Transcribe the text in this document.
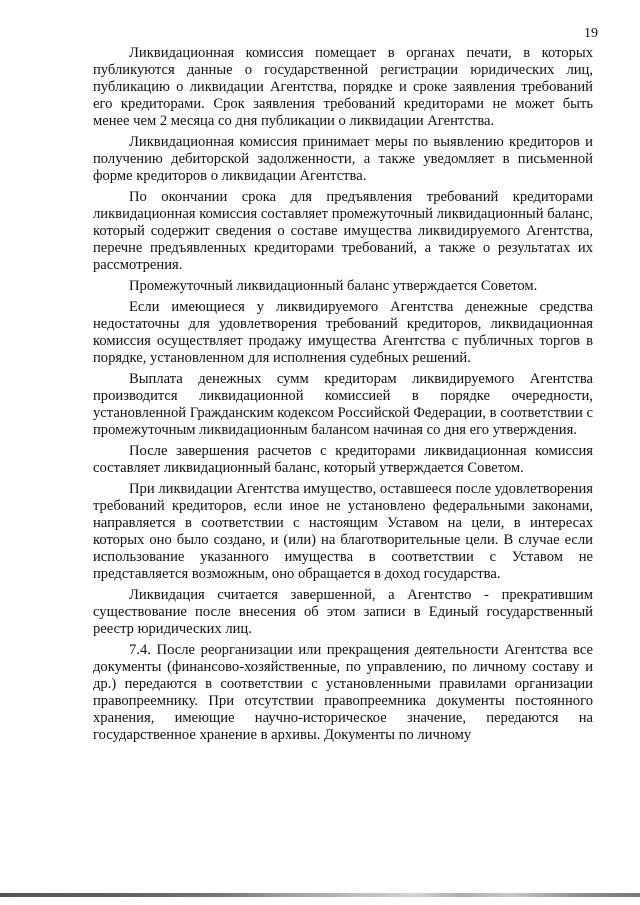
19

Ликвидационная комиссия помещает в органах печати, в которых публикуются данные о государственной регистрации юридических лиц, публикацию о ликвидации Агентства, порядке и сроке заявления требований его кредиторами. Срок заявления требований кредиторами не может быть менее чем 2 месяца со дня публикации о ликвидации Агентства.

Ликвидационная комиссия принимает меры по выявлению кредиторов и получению дебиторской задолженности, а также уведомляет в письменной форме кредиторов о ликвидации Агентства.

По окончании срока для предъявления требований кредиторами ликвидационная комиссия составляет промежуточный ликвидационный баланс, который содержит сведения о составе имущества ликвидируемого Агентства, перечне предъявленных кредиторами требований, а также о результатах их рассмотрения.

Промежуточный ликвидационный баланс утверждается Советом.

Если имеющиеся у ликвидируемого Агентства денежные средства недостаточны для удовлетворения требований кредиторов, ликвидационная комиссия осуществляет продажу имущества Агентства с публичных торгов в порядке, установленном для исполнения судебных решений.

Выплата денежных сумм кредиторам ликвидируемого Агентства производится ликвидационной комиссией в порядке очередности, установленной Гражданским кодексом Российской Федерации, в соответствии с промежуточным ликвидационным балансом начиная со дня его утверждения.

После завершения расчетов с кредиторами ликвидационная комиссия составляет ликвидационный баланс, который утверждается Советом.

При ликвидации Агентства имущество, оставшееся после удовлетворения требований кредиторов, если иное не установлено федеральными законами, направляется в соответствии с настоящим Уставом на цели, в интересах которых оно было создано, и (или) на благотворительные цели. В случае если использование указанного имущества в соответствии с Уставом не представляется возможным, оно обращается в доход государства.

Ликвидация считается завершенной, а Агентство - прекратившим существование после внесения об этом записи в Единый государственный реестр юридических лиц.

7.4. После реорганизации или прекращения деятельности Агентства все документы (финансово-хозяйственные, по управлению, по личному составу и др.) передаются в соответствии с установленными правилами организации правопреемнику. При отсутствии правопреемника документы постоянного хранения, имеющие научно-историческое значение, передаются на государственное хранение в архивы. Документы по личному
